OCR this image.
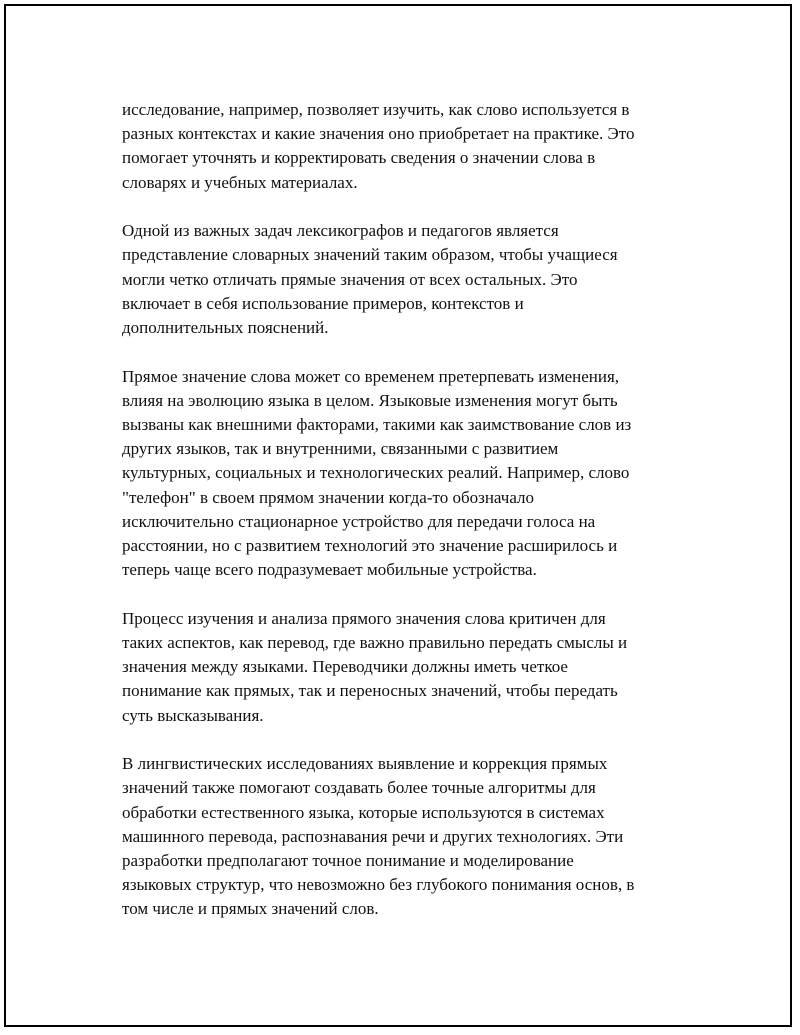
исследование, например, позволяет изучить, как слово используется в
разных контекстах и какие значения оно приобретает на практике. Это
помогает уточнять и корректировать сведения о значении слова в
словарях и учебных материалах.

Одной из важных задач лексикографов и педагогов является
представление словарных значений таким образом, чтобы учащиеся
могли четко отличать прямые значения от всех остальных. Это
включает в себя использование примеров, контекстов и
дополнительных пояснений.

Прямое значение слова может со временем претерпевать изменения,
влияя на эволюцию языка в целом. Языковые изменения могут быть
вызваны как внешними факторами, такими как заимствование слов из
других языков, так и внутренними, связанными с развитием
культурных, социальных и технологических реалий. Например, слово
"телефон" в своем прямом значении когда-то обозначало
исключительно стационарное устройство для передачи голоса на
расстоянии, но с развитием технологий это значение расширилось и
теперь чаще всего подразумевает мобильные устройства.

Процесс изучения и анализа прямого значения слова критичен для
таких аспектов, как перевод, где важно правильно передать смыслы и
значения между языками. Переводчики должны иметь четкое
понимание как прямых, так и переносных значений, чтобы передать
суть высказывания.

В лингвистических исследованиях выявление и коррекция прямых
значений также помогают создавать более точные алгоритмы для
обработки естественного языка, которые используются в системах
машинного перевода, распознавания речи и других технологиях. Эти
разработки предполагают точное понимание и моделирование
языковых структур, что невозможно без глубокого понимания основ, в
том числе и прямых значений слов.
